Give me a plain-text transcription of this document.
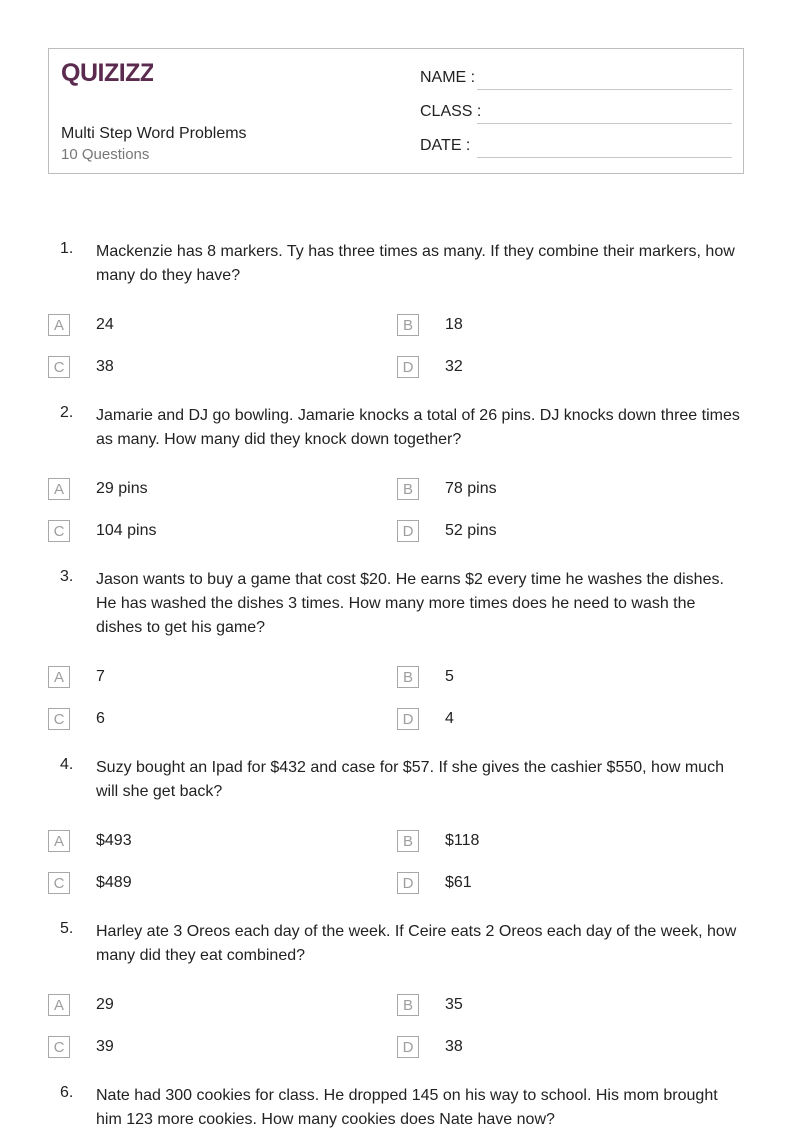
QUIZIZZ
Multi Step Word Problems
10 Questions
NAME :
CLASS :
DATE :
1. Mackenzie has 8 markers. Ty has three times as many. If they combine their markers, how many do they have?
A	24	B	18
C	38	D	32
2. Jamarie and DJ go bowling. Jamarie knocks a total of 26 pins. DJ knocks down three times as many. How many did they knock down together?
A	29 pins	B	78 pins
C	104 pins	D	52 pins
3. Jason wants to buy a game that cost $20. He earns $2 every time he washes the dishes. He has washed the dishes 3 times. How many more times does he need to wash the dishes to get his game?
A	7	B	5
C	6	D	4
4. Suzy bought an Ipad for $432 and case for $57. If she gives the cashier $550, how much will she get back?
A	$493	B	$118
C	$489	D	$61
5. Harley ate 3 Oreos each day of the week. If Ceire eats 2 Oreos each day of the week, how many did they eat combined?
A	29	B	35
C	39	D	38
6. Nate had 300 cookies for class. He dropped 145 on his way to school. His mom brought him 123 more cookies. How many cookies does Nate have now?
